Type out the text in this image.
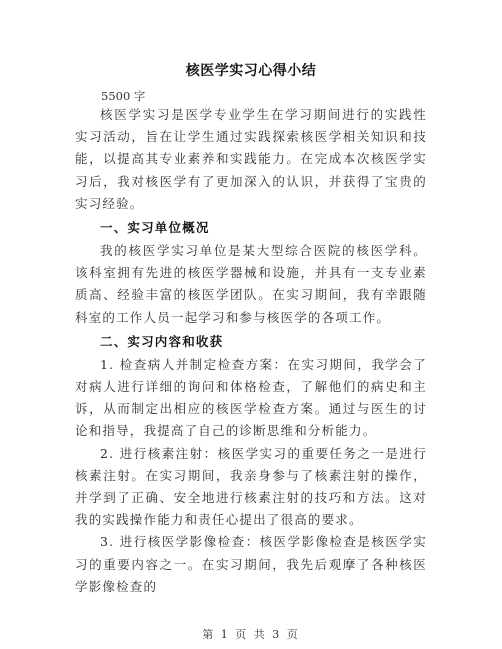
核医学实习心得小结
5500 字

核医学实习是医学专业学生在学习期间进行的实践性实习活动，旨在让学生通过实践探索核医学相关知识和技能，以提高其专业素养和实践能力。在完成本次核医学实习后，我对核医学有了更加深入的认识，并获得了宝贵的实习经验。

一、实习单位概况

我的核医学实习单位是某大型综合医院的核医学科。该科室拥有先进的核医学器械和设施，并具有一支专业素质高、经验丰富的核医学团队。在实习期间，我有幸跟随科室的工作人员一起学习和参与核医学的各项工作。

二、实习内容和收获

1. 检查病人并制定检查方案：在实习期间，我学会了对病人进行详细的询问和体格检查，了解他们的病史和主诉，从而制定出相应的核医学检查方案。通过与医生的讨论和指导，我提高了自己的诊断思维和分析能力。

2. 进行核素注射：核医学实习的重要任务之一是进行核素注射。在实习期间，我亲身参与了核素注射的操作，并学到了正确、安全地进行核素注射的技巧和方法。这对我的实践操作能力和责任心提出了很高的要求。

3. 进行核医学影像检查：核医学影像检查是核医学实习的重要内容之一。在实习期间，我先后观摩了各种核医学影像检查的

第 1 页 共 3 页
